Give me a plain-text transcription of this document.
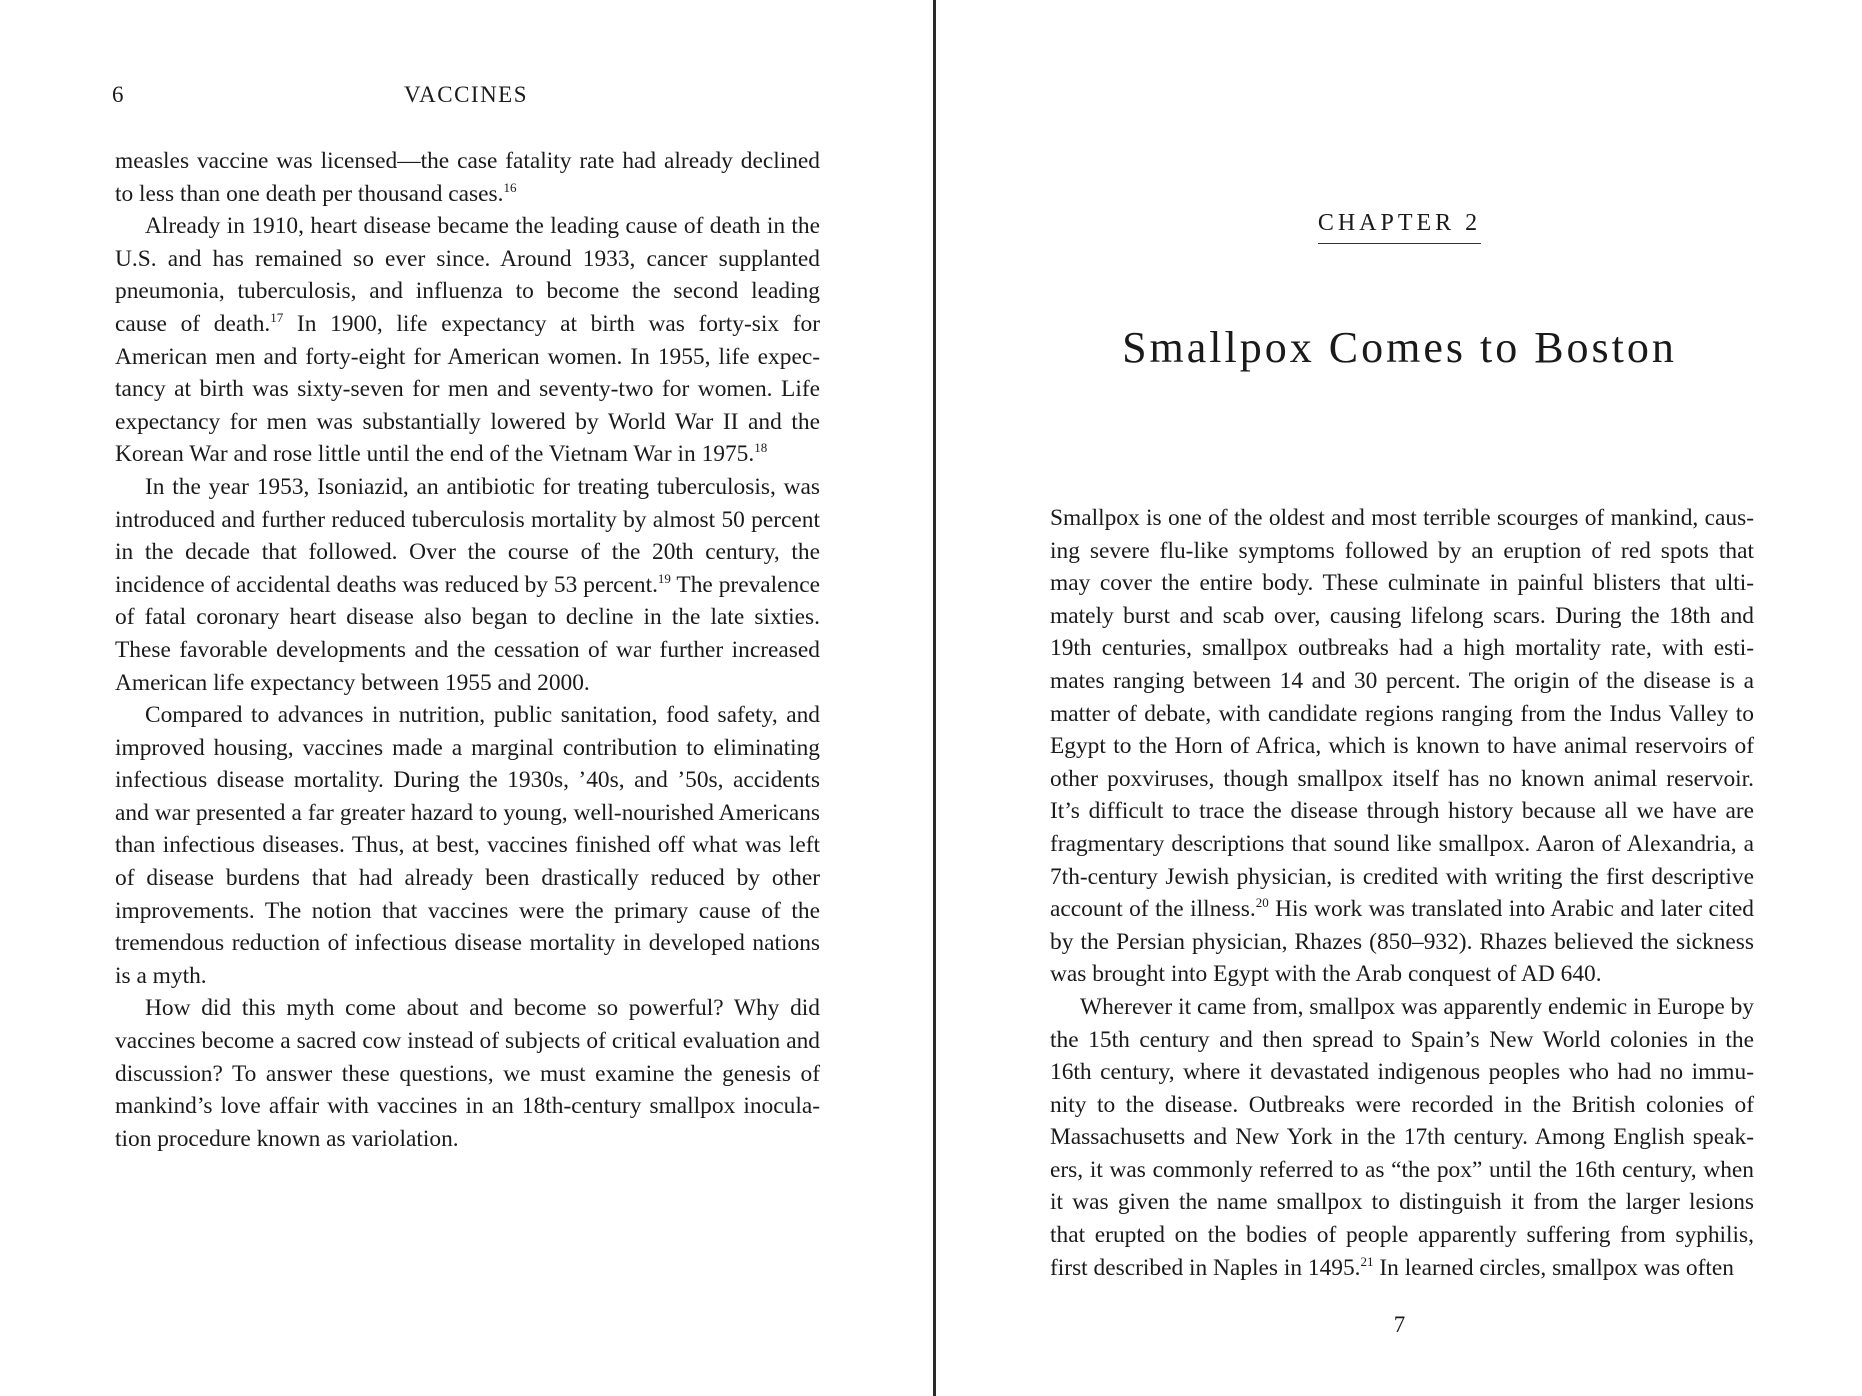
6	VACCINES

measles vaccine was licensed—the case fatality rate had already declined to less than one death per thousand cases.$^{16}$

Already in 1910, heart disease became the leading cause of death in the U.S. and has remained so ever since. Around 1933, cancer supplanted pneumonia, tuberculosis, and influenza to become the second leading cause of death.$^{17}$ In 1900, life expectancy at birth was forty-six for American men and forty-eight for American women. In 1955, life expectancy at birth was sixty-seven for men and seventy-two for women. Life expectancy for men was substantially lowered by World War II and the Korean War and rose little until the end of the Vietnam War in 1975.18

In the year 1953, Isoniazid, an antibiotic for treating tuberculosis, was introduced and further reduced tuberculosis mortality by almost 50 percent in the decade that followed. Over the course of the 20th century, the incidence of accidental deaths was reduced by 53 percent.$^{19}$ The prevalence of fatal coronary heart disease also began to decline in the late sixties. These favorable developments and the cessation of war further increased American life expectancy between 1955 and 2000.

Compared to advances in nutrition, public sanitation, food safety, and improved housing, vaccines made a marginal contribution to eliminating infectious disease mortality. During the 1930s, ’40s, and ’50s, accidents and war presented a far greater hazard to young, well-nourished Americans than infectious diseases. Thus, at best, vaccines finished off what was left of disease burdens that had already been drastically reduced by other improvements. The notion that vaccines were the primary cause of the tremendous reduction of infectious disease mortality in developed nations is a myth.

How did this myth come about and become so powerful? Why did vaccines become a sacred cow instead of subjects of critical evaluation and discussion? To answer these questions, we must examine the genesis of mankind’s love affair with vaccines in an 18th-century smallpox inoculation procedure known as variolation.

CHAPTER 2
Smallpox Comes to Boston

Smallpox is one of the oldest and most terrible scourges of mankind, causing severe flu-like symptoms followed by an eruption of red spots that may cover the entire body. These culminate in painful blisters that ultimately burst and scab over, causing lifelong scars. During the 18th and 19th centuries, smallpox outbreaks had a high mortality rate, with estimates ranging between 14 and 30 percent. The origin of the disease is a matter of debate, with candidate regions ranging from the Indus Valley to Egypt to the Horn of Africa, which is known to have animal reservoirs of other poxviruses, though smallpox itself has no known animal reservoir. It’s difficult to trace the disease through history because all we have are fragmentary descriptions that sound like smallpox. Aaron of Alexandria, a 7th-century Jewish physician, is credited with writing the first descriptive account of the illness.$^{20}$ His work was translated into Arabic and later cited by the Persian physician, Rhazes (850–932). Rhazes believed the sickness was brought into Egypt with the Arab conquest of AD 640.

Wherever it came from, smallpox was apparently endemic in Europe by the 15th century and then spread to Spain’s New World colonies in the 16th century, where it devastated indigenous peoples who had no immunity to the disease. Outbreaks were recorded in the British colonies of Massachusetts and New York in the 17th century. Among English speakers, it was commonly referred to as “the pox” until the 16th century, when it was given the name smallpox to distinguish it from the larger lesions that erupted on the bodies of people apparently suffering from syphilis, first described in Naples in 1495.21 In learned circles, smallpox was often

7
